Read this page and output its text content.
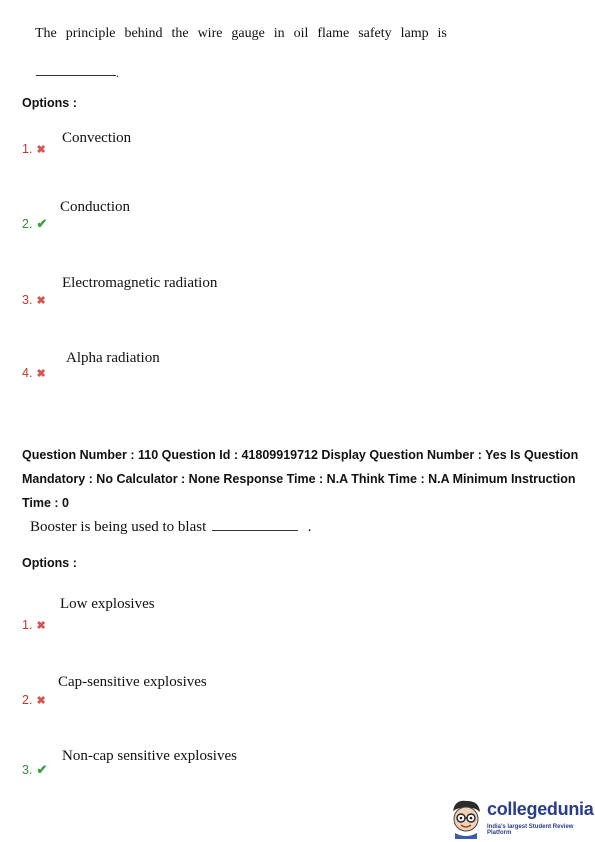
The principle behind the wire gauge in oil flame safety lamp is
.
Options :
Convection
1. ✖
Conduction
2. ✔
Electromagnetic radiation
3. ✖
Alpha radiation
4. ✖
Question Number : 110 Question Id : 41809919712 Display Question Number : Yes Is Question
Mandatory : No Calculator : None Response Time : N.A Think Time : N.A Minimum Instruction
Time : 0
Booster is being used to blast	.
Options :
Low explosives
1. ✖
Cap-sensitive explosives
2. ✖
Non-cap sensitive explosives
3. ✔
collegedunia
India's largest Student Review Platform
